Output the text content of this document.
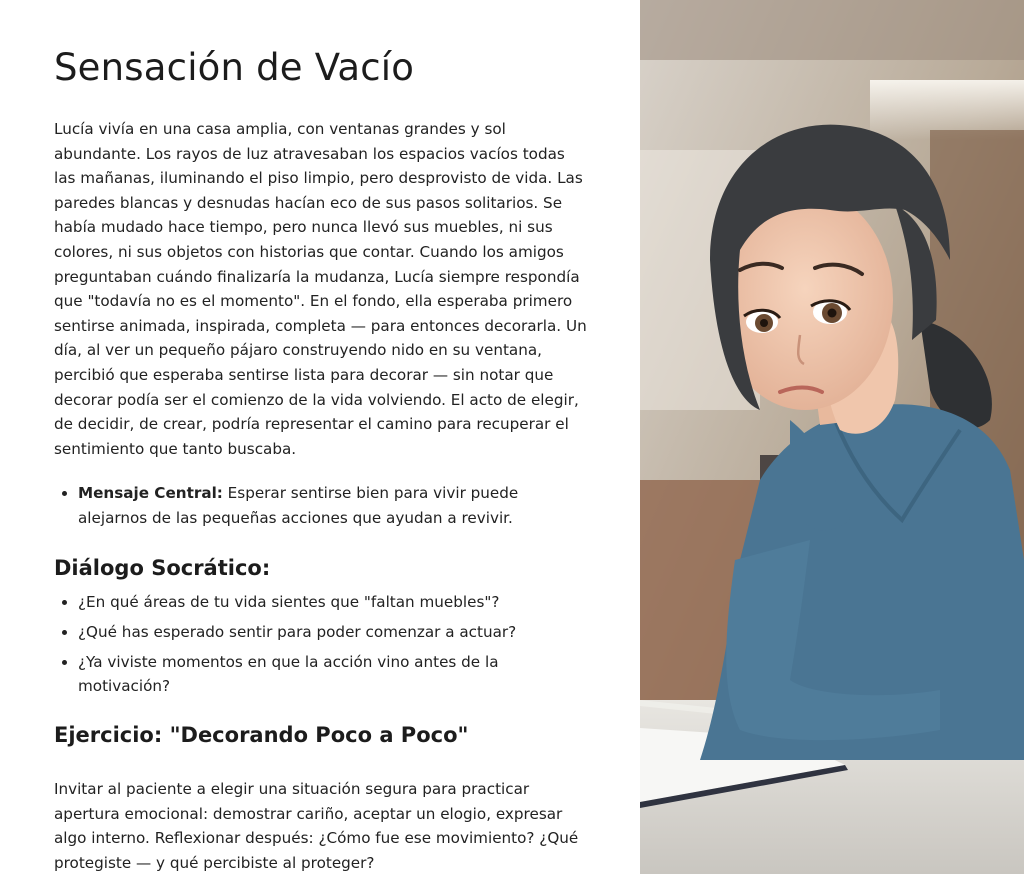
Sensación de Vacío

Lucía vivía en una casa amplia, con ventanas grandes y sol abundante. Los rayos de luz atravesaban los espacios vacíos todas las mañanas, iluminando el piso limpio, pero desprovisto de vida. Las paredes blancas y desnudas hacían eco de sus pasos solitarios. Se había mudado hace tiempo, pero nunca llevó sus muebles, ni sus colores, ni sus objetos con historias que contar. Cuando los amigos preguntaban cuándo finalizaría la mudanza, Lucía siempre respondía que "todavía no es el momento". En el fondo, ella esperaba primero sentirse animada, inspirada, completa — para entonces decorarla. Un día, al ver un pequeño pájaro construyendo nido en su ventana, percibió que esperaba sentirse lista para decorar — sin notar que decorar podía ser el comienzo de la vida volviendo. El acto de elegir, de decidir, de crear, podría representar el camino para recuperar el sentimiento que tanto buscaba.

• Mensaje Central: Esperar sentirse bien para vivir puede alejarnos de las pequeñas acciones que ayudan a revivir.
Diálogo Socrático:
• ¿En qué áreas de tu vida sientes que "faltan muebles"?
• ¿Qué has esperado sentir para poder comenzar a actuar?
• ¿Ya viviste momentos en que la acción vino antes de la motivación?
Ejercicio: "Decorando Poco a Poco"

Invitar al paciente a elegir una situación segura para practicar apertura emocional: demostrar cariño, aceptar un elogio, expresar algo interno. Reflexionar después: ¿Cómo fue ese movimiento? ¿Qué protegiste — y qué percibiste al proteger?
